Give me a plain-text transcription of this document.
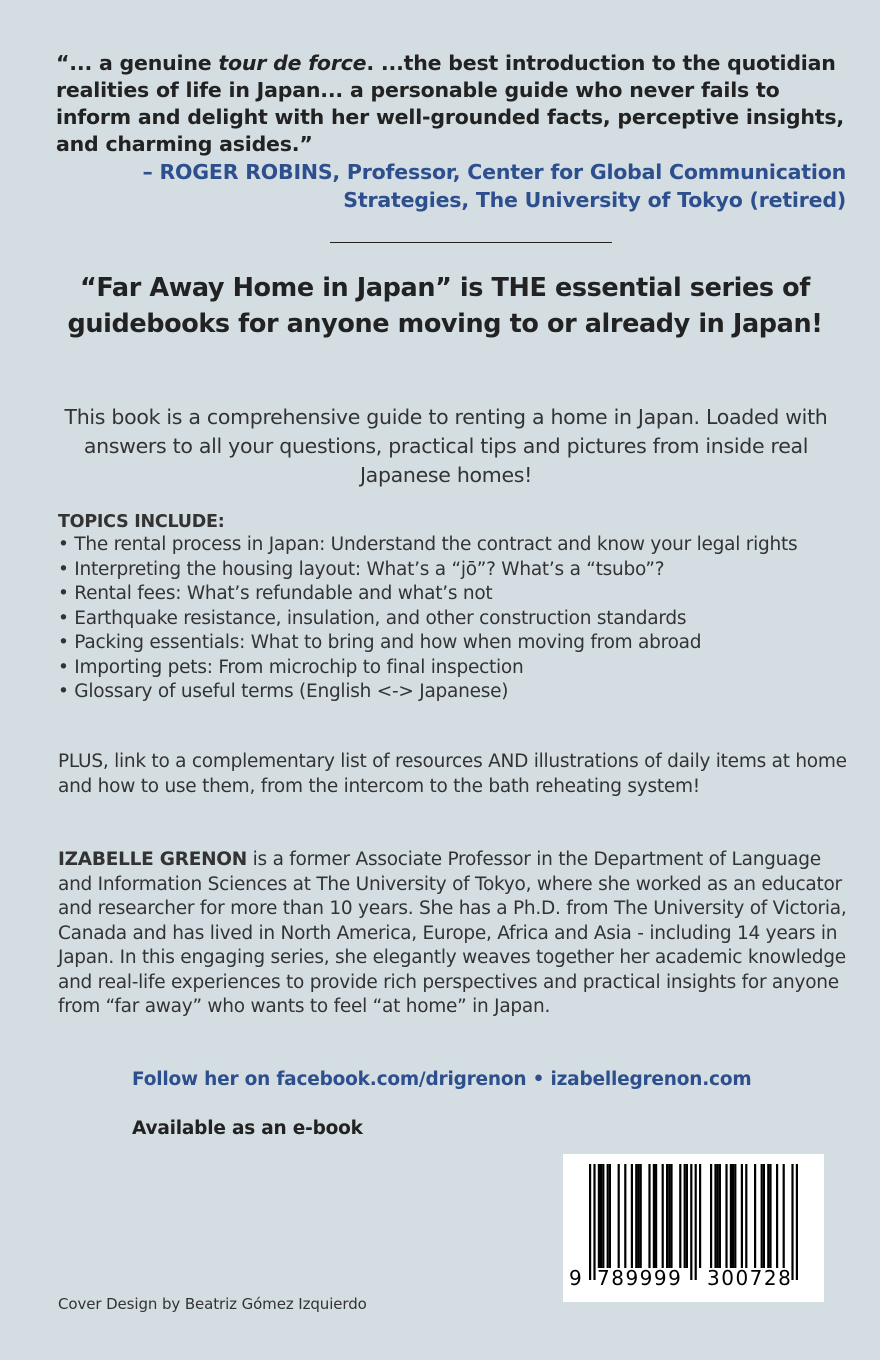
“... a genuine tour de force. ...the best introduction to the quotidian realities of life in Japan... a personable guide who never fails to inform and delight with her well-grounded facts, perceptive insights, and charming asides.”
– ROGER ROBINS, Professor, Center for Global Communication
Strategies, The University of Tokyo (retired)
“Far Away Home in Japan” is THE essential series of guidebooks for anyone moving to or already in Japan!
This book is a comprehensive guide to renting a home in Japan. Loaded with answers to all your questions, practical tips and pictures from inside real Japanese homes!
TOPICS INCLUDE:
• The rental process in Japan: Understand the contract and know your legal rights
• Interpreting the housing layout: What’s a “jō”? What’s a “tsubo”?
• Rental fees: What’s refundable and what’s not
• Earthquake resistance, insulation, and other construction standards
• Packing essentials: What to bring and how when moving from abroad
• Importing pets: From microchip to final inspection
• Glossary of useful terms (English <-> Japanese)
PLUS, link to a complementary list of resources AND illustrations of daily items at home and how to use them, from the intercom to the bath reheating system!
IZABELLE GRENON is a former Associate Professor in the Department of Language and Information Sciences at The University of Tokyo, where she worked as an educator and researcher for more than 10 years. She has a Ph.D. from The University of Victoria, Canada and has lived in North America, Europe, Africa and Asia - including 14 years in Japan. In this engaging series, she elegantly weaves together her academic knowledge and real-life experiences to provide rich perspectives and practical insights for anyone from “far away” who wants to feel “at home” in Japan.
Follow her on facebook.com/drigrenon • izabellegrenon.com
Available as an e-book
9 789999 300728
Cover Design by Beatriz Gómez Izquierdo
